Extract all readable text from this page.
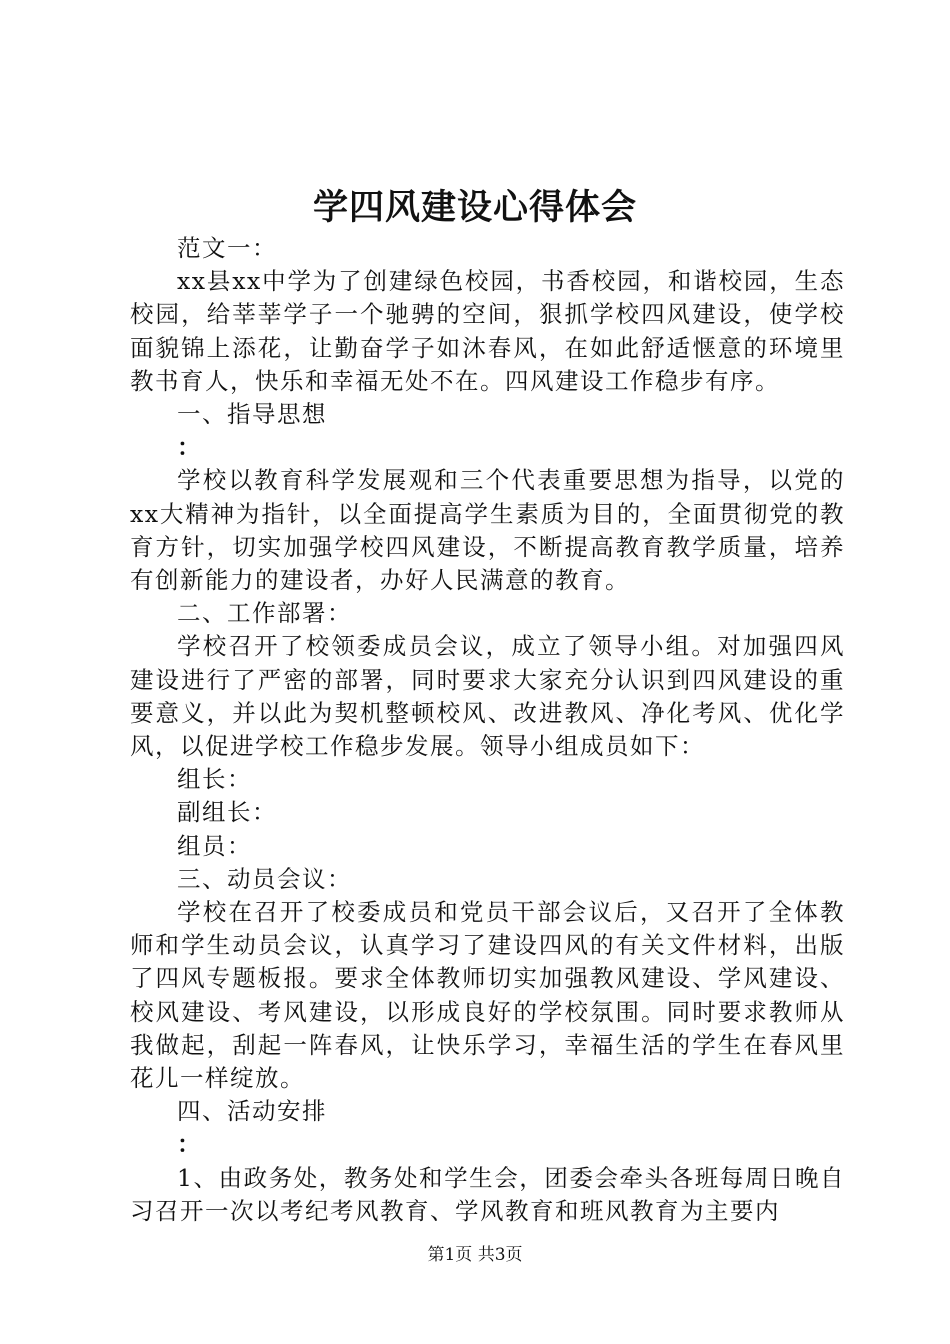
学四风建设心得体会

范文一：

xx县xx中学为了创建绿色校园，书香校园，和谐校园，生态校园，给莘莘学子一个驰骋的空间，狠抓学校四风建设，使学校面貌锦上添花，让勤奋学子如沐春风，在如此舒适惬意的环境里教书育人，快乐和幸福无处不在。四风建设工作稳步有序。

一、指导思想

：

学校以教育科学发展观和三个代表重要思想为指导，以党的xx大精神为指针，以全面提高学生素质为目的，全面贯彻党的教育方针，切实加强学校四风建设，不断提高教育教学质量，培养有创新能力的建设者，办好人民满意的教育。

二、工作部署：

学校召开了校领委成员会议，成立了领导小组。对加强四风建设进行了严密的部署，同时要求大家充分认识到四风建设的重要意义，并以此为契机整顿校风、改进教风、净化考风、优化学风，以促进学校工作稳步发展。领导小组成员如下：

组长：

副组长：

组员：

三、动员会议：

学校在召开了校委成员和党员干部会议后，又召开了全体教师和学生动员会议，认真学习了建设四风的有关文件材料，出版了四风专题板报。要求全体教师切实加强教风建设、学风建设、校风建设、考风建设，以形成良好的学校氛围。同时要求教师从我做起，刮起一阵春风，让快乐学习，幸福生活的学生在春风里花儿一样绽放。

四、活动安排

：

1、由政务处，教务处和学生会，团委会牵头各班每周日晚自习召开一次以考纪考风教育、学风教育和班风教育为主要内

第1页 共3页
